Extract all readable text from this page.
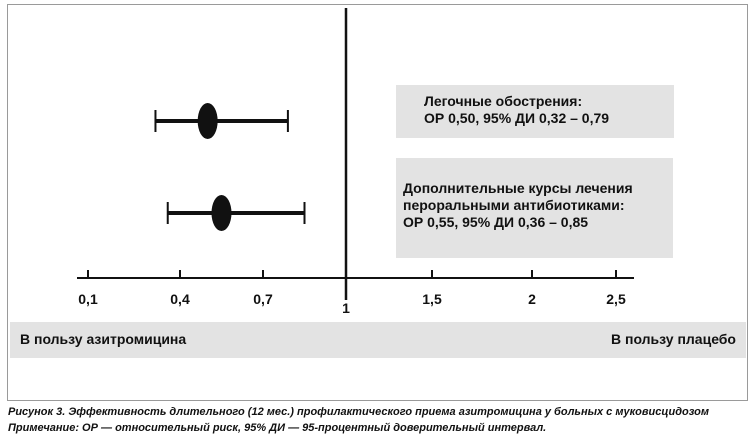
0,1	0,4	0,7
1
1,5	2	2,5
Легочные обострения:
ОР 0,50, 95% ДИ 0,32 – 0,79
Дополнительные курсы лечения
пероральными антибиотиками:
ОР 0,55, 95% ДИ 0,36 – 0,85
В пользу азитромицина	В пользу плацебо
Рисунок 3. Эффективность длительного (12 мес.) профилактического приема азитромицина у больных с муковисцидозом
Примечание: ОР — относительный риск, 95% ДИ — 95-процентный доверительный интервал.
